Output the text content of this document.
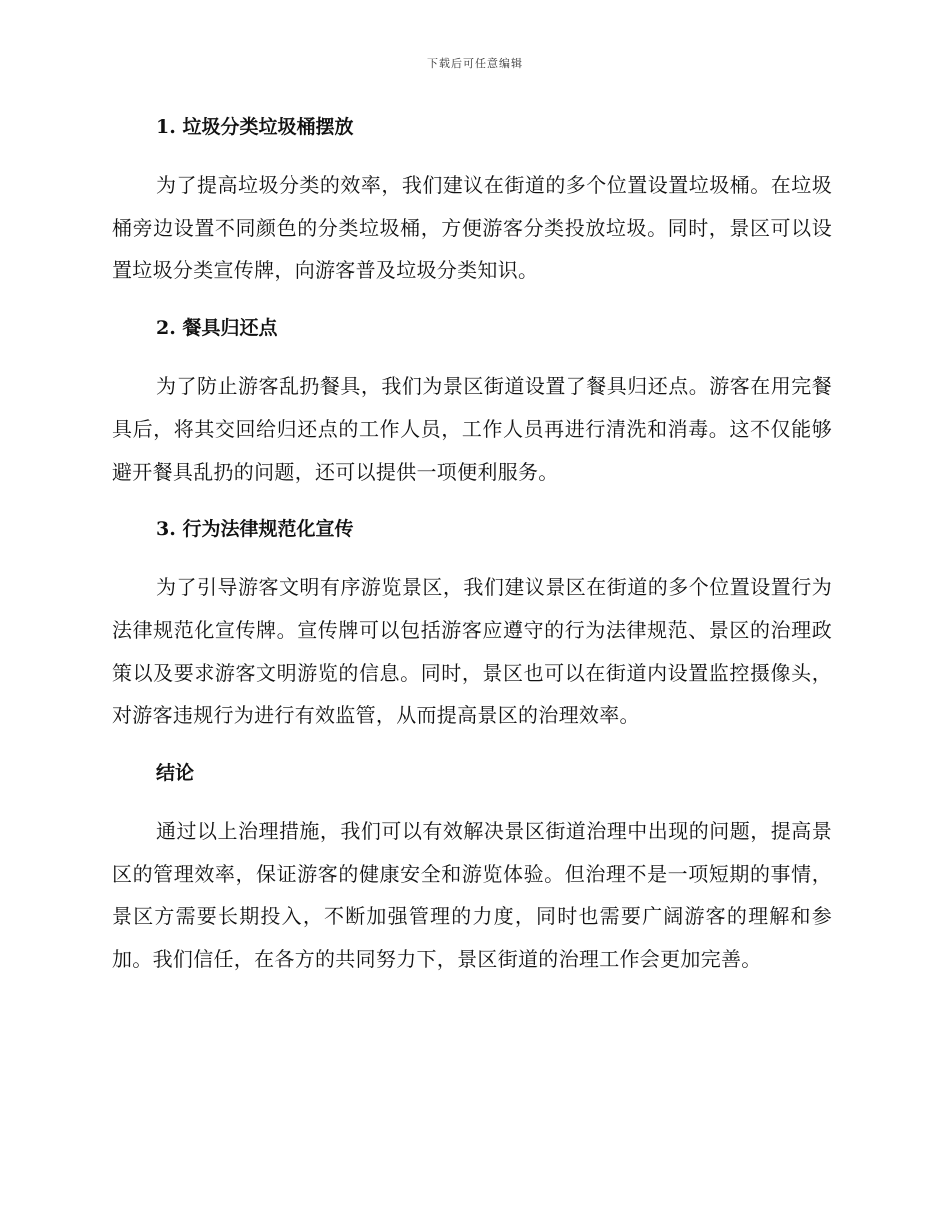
下载后可任意编辑
1. 垃圾分类垃圾桶摆放

为了提高垃圾分类的效率，我们建议在街道的多个位置设置垃圾桶。在垃圾桶旁边设置不同颜色的分类垃圾桶，方便游客分类投放垃圾。同时，景区可以设置垃圾分类宣传牌，向游客普及垃圾分类知识。

2. 餐具归还点

为了防止游客乱扔餐具，我们为景区街道设置了餐具归还点。游客在用完餐具后，将其交回给归还点的工作人员，工作人员再进行清洗和消毒。这不仅能够避开餐具乱扔的问题，还可以提供一项便利服务。

3. 行为法律规范化宣传

为了引导游客文明有序游览景区，我们建议景区在街道的多个位置设置行为法律规范化宣传牌。宣传牌可以包括游客应遵守的行为法律规范、景区的治理政策以及要求游客文明游览的信息。同时，景区也可以在街道内设置监控摄像头，对游客违规行为进行有效监管，从而提高景区的治理效率。

结论

通过以上治理措施，我们可以有效解决景区街道治理中出现的问题，提高景区的管理效率，保证游客的健康安全和游览体验。但治理不是一项短期的事情，景区方需要长期投入，不断加强管理的力度，同时也需要广阔游客的理解和参加。我们信任，在各方的共同努力下，景区街道的治理工作会更加完善。
